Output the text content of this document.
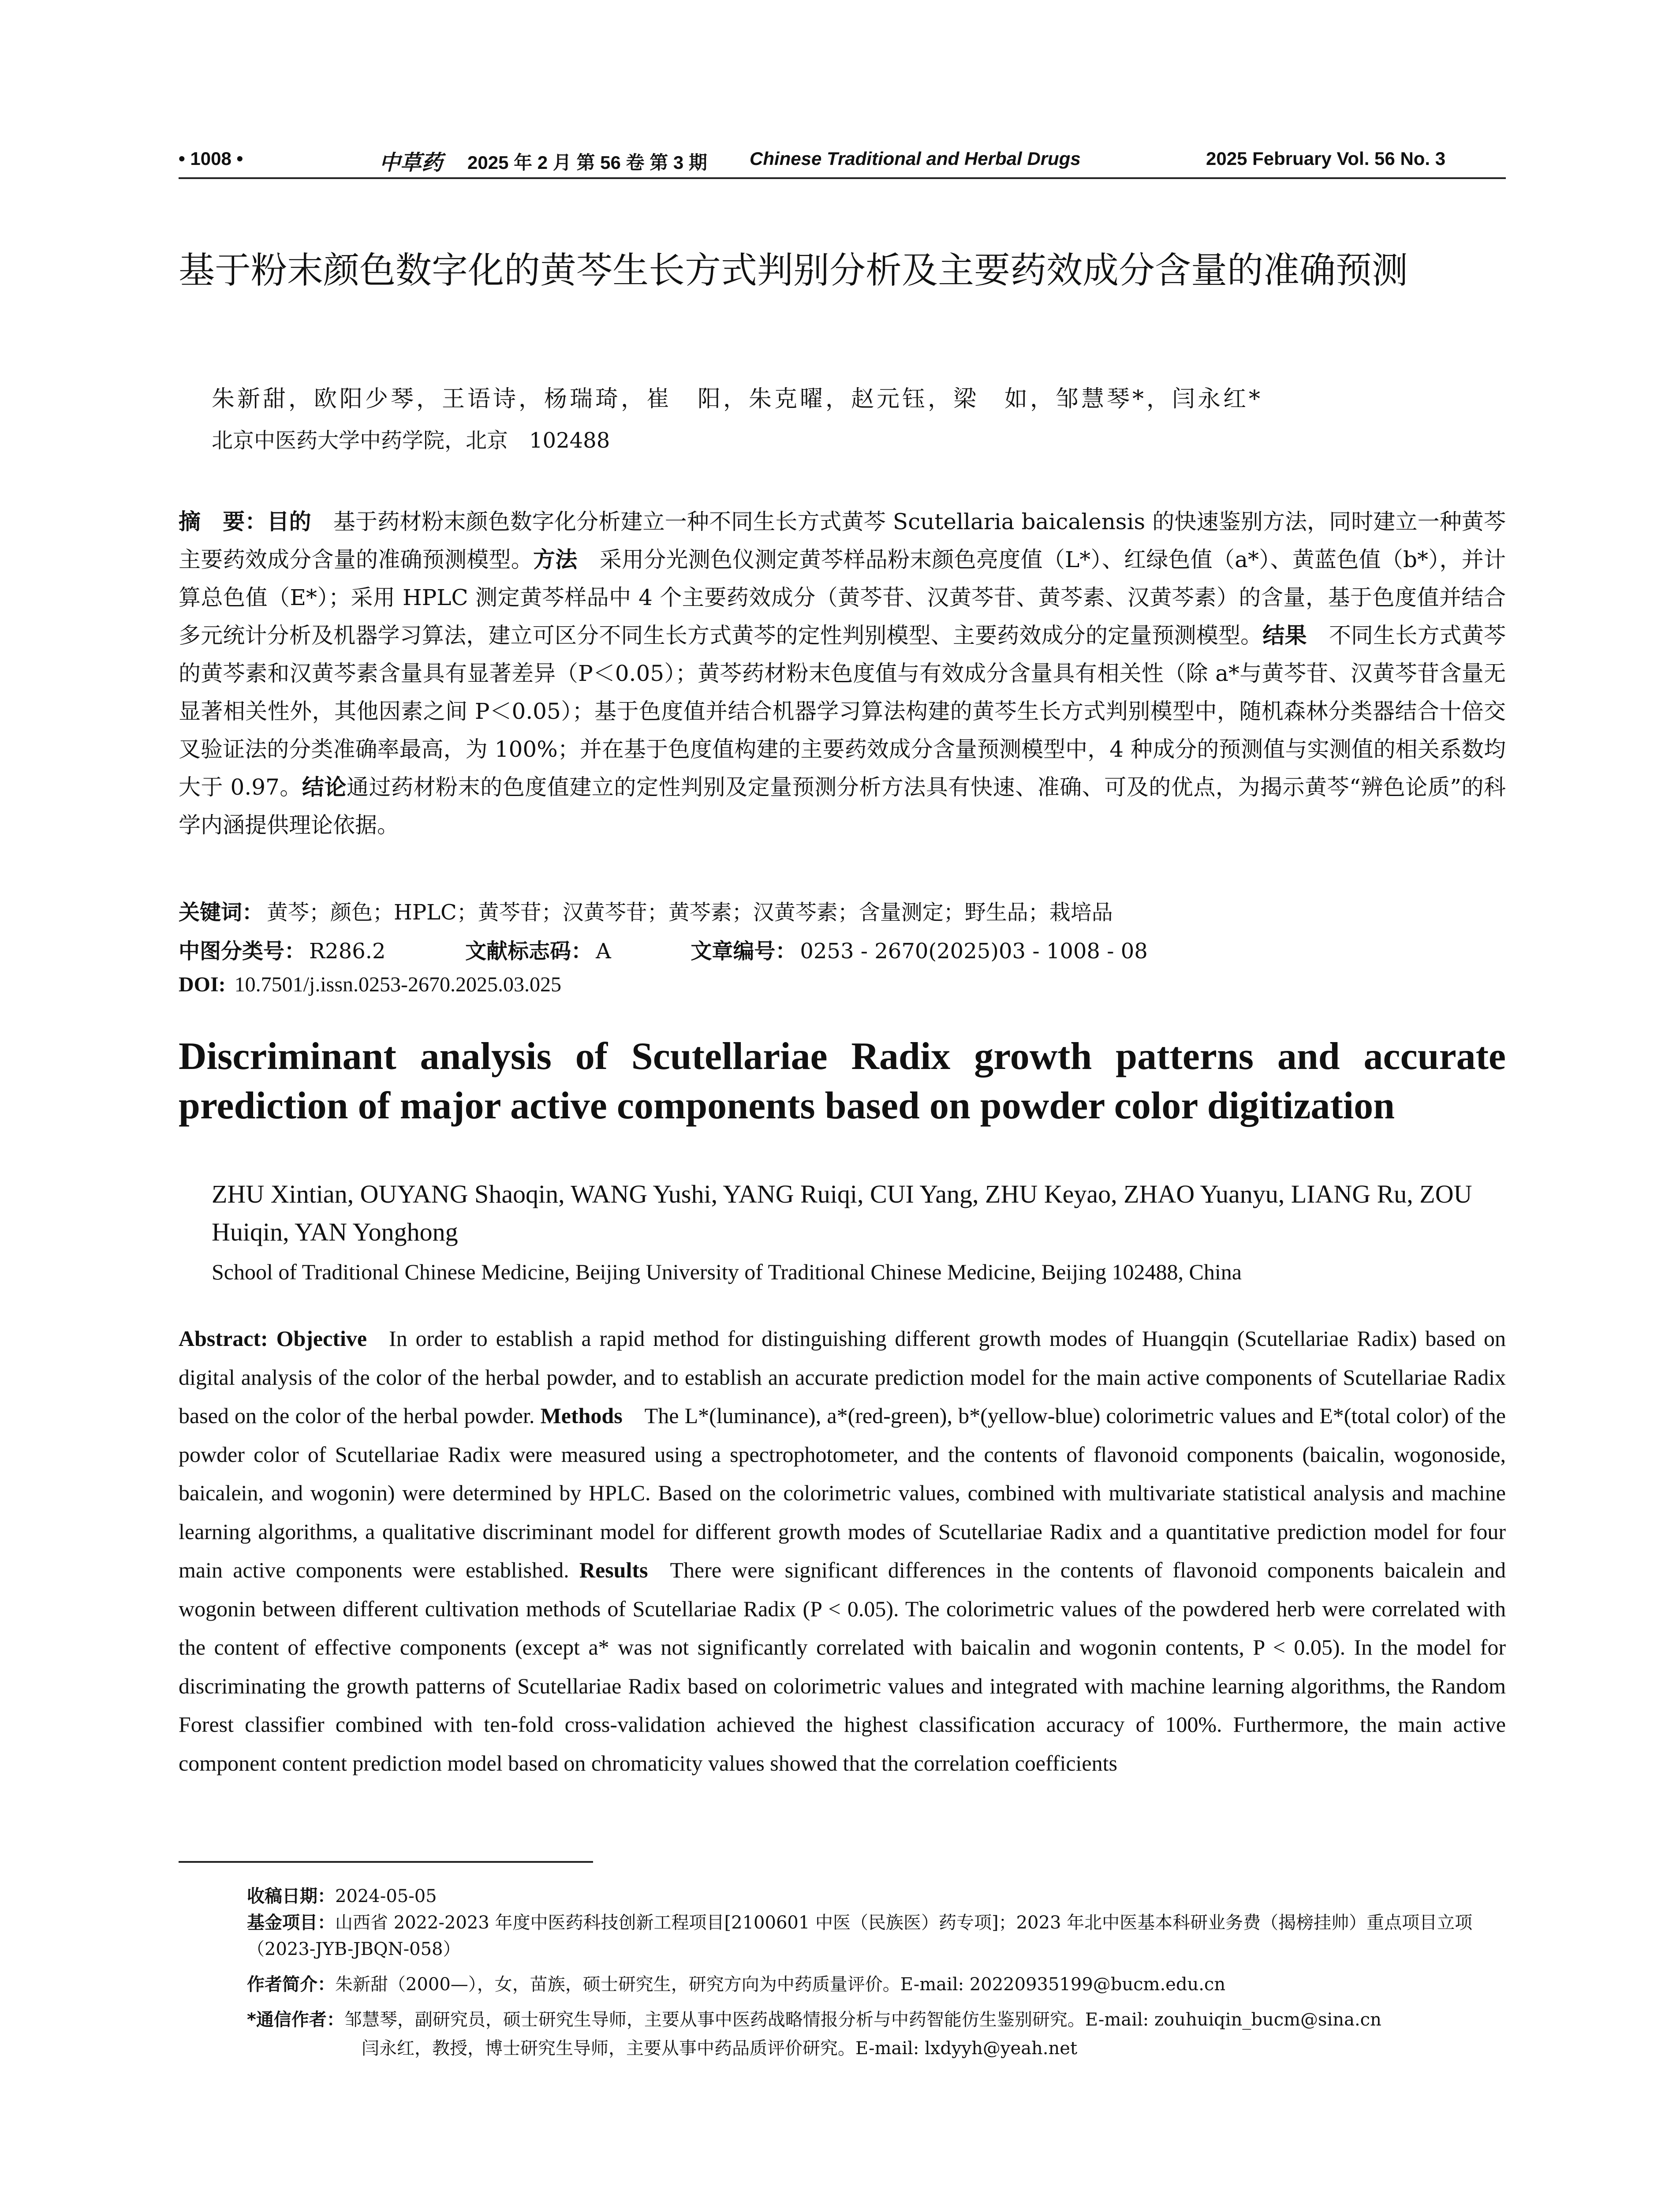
• 1008 •	中草药 2025 年 2 月 第 56 卷 第 3 期 Chinese Traditional and Herbal Drugs	2025 February Vol. 56 No. 3
基于粉末颜色数字化的黄芩生长方式判别分析及主要药效成分含量的准确预测
朱新甜，欧阳少琴，王语诗，杨瑞琦，崔　阳，朱克曜，赵元钰，梁　如，邹慧琴*，闫永红*
北京中医药大学中药学院，北京　102488
摘　要：目的  基于药材粉末颜色数字化分析建立一种不同生长方式黄芩 Scutellaria baicalensis 的快速鉴别方法，同时建立一种黄芩主要药效成分含量的准确预测模型。方法  采用分光测色仪测定黄芩样品粉末颜色亮度值（L*）、红绿色值（a*）、黄蓝色值（b*），并计算总色值（E*）；采用 HPLC 测定黄芩样品中 4 个主要药效成分（黄芩苷、汉黄芩苷、黄芩素、汉黄芩素）的含量，基于色度值并结合多元统计分析及机器学习算法，建立可区分不同生长方式黄芩的定性判别模型、主要药效成分的定量预测模型。结果  不同生长方式黄芩的黄芩素和汉黄芩素含量具有显著差异（P＜0.05）；黄芩药材粉末色度值与有效成分含量具有相关性（除 a*与黄芩苷、汉黄芩苷含量无显著相关性外，其他因素之间 P＜0.05）；基于色度值并结合机器学习算法构建的黄芩生长方式判别模型中，随机森林分类器结合十倍交叉验证法的分类准确率最高，为 100%；并在基于色度值构建的主要药效成分含量预测模型中，4 种成分的预测值与实测值的相关系数均大于 0.97。结论通过药材粉末的色度值建立的定性判别及定量预测分析方法具有快速、准确、可及的优点，为揭示黄芩“辨色论质”的科学内涵提供理论依据。
关键词： 黄芩；颜色；HPLC；黄芩苷；汉黄芩苷；黄芩素；汉黄芩素；含量测定；野生品；栽培品
中图分类号： R286.2	文献标志码： A	文章编号： 0253 - 2670(2025)03 - 1008 - 08
DOI: 10.7501/j.issn.0253-2670.2025.03.025
Discriminant analysis of Scutellariae Radix growth patterns and accurate prediction of major active components based on powder color digitization
ZHU Xintian, OUYANG Shaoqin, WANG Yushi, YANG Ruiqi, CUI Yang, ZHU Keyao, ZHAO Yuanyu, LIANG Ru, ZOU Huiqin, YAN Yonghong
School of Traditional Chinese Medicine, Beijing University of Traditional Chinese Medicine, Beijing 102488, China
Abstract: Objective  In order to establish a rapid method for distinguishing different growth modes of Huangqin (Scutellariae Radix) based on digital analysis of the color of the herbal powder, and to establish an accurate prediction model for the main active components of Scutellariae Radix based on the color of the herbal powder. Methods  The L*(luminance), a*(red-green), b*(yellow-blue) colorimetric values and E*(total color) of the powder color of Scutellariae Radix were measured using a spectrophotometer, and the contents of flavonoid components (baicalin, wogonoside, baicalein, and wogonin) were determined by HPLC. Based on the colorimetric values, combined with multivariate statistical analysis and machine learning algorithms, a qualitative discriminant model for different growth modes of Scutellariae Radix and a quantitative prediction model for four main active components were established. Results  There were significant differences in the contents of flavonoid components baicalein and wogonin between different cultivation methods of Scutellariae Radix (P < 0.05). The colorimetric values of the powdered herb were correlated with the content of effective components (except a* was not significantly correlated with baicalin and wogonin contents, P < 0.05). In the model for discriminating the growth patterns of Scutellariae Radix based on colorimetric values and integrated with machine learning algorithms, the Random Forest classifier combined with ten-fold cross-validation achieved the highest classification accuracy of 100%. Furthermore, the main active component content prediction model based on chromaticity values showed that the correlation coefficients
收稿日期：2024-05-05
基金项目：山西省 2022-2023 年度中医药科技创新工程项目[2100601 中医（民族医）药专项]；2023 年北中医基本科研业务费（揭榜挂帅）重点项目立项（2023-JYB-JBQN-058）
作者简介：朱新甜（2000—），女，苗族，硕士研究生，研究方向为中药质量评价。E-mail: 20220935199@bucm.edu.cn
*通信作者：邹慧琴，副研究员，硕士研究生导师，主要从事中医药战略情报分析与中药智能仿生鉴别研究。E-mail: zouhuiqin_bucm@sina.cn
闫永红，教授，博士研究生导师，主要从事中药品质评价研究。E-mail: lxdyyh@yeah.net
